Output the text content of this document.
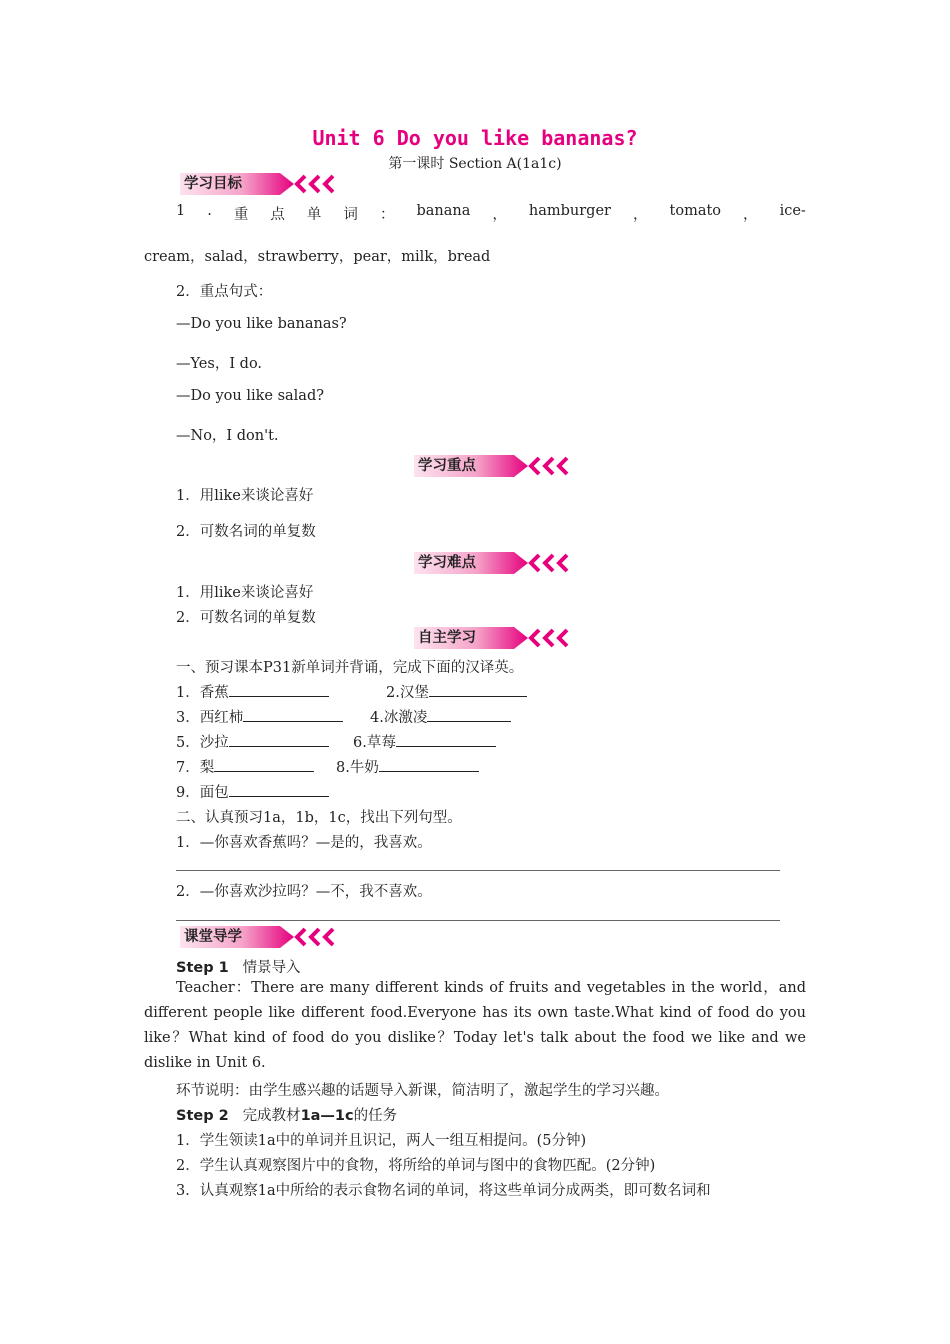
Unit 6 Do you like bananas?
第一课时 Section A(1a1c)
学习目标
1 . 重 点 单 词 ： banana ， hamburger ， tomato ， ice-
cream，salad，strawberry，pear，milk，bread
2．重点句式：
—Do you like bananas?
—Yes，I do.
—Do you like salad?
—No，I don't.
学习重点
1．用like来谈论喜好
2．可数名词的单复数
学习难点
1．用like来谈论喜好
2．可数名词的单复数
自主学习
一、预习课本P31新单词并背诵，完成下面的汉译英。
1．香蕉	2.汉堡
3．西红柿	4.冰激凌
5．沙拉	6.草莓
7．梨	8.牛奶
9．面包
二、认真预习1a，1b，1c，找出下列句型。
1．—你喜欢香蕉吗？—是的，我喜欢。
2．—你喜欢沙拉吗？—不，我不喜欢。
课堂导学
Step 1 情景导入
Teacher：There are many different kinds of fruits and vegetables in the world，and different people like different food.Everyone has its own taste.What kind of food do you like？What kind of food do you dislike？Today let's talk about the food we like and we dislike in Unit 6.
环节说明：由学生感兴趣的话题导入新课，简洁明了，激起学生的学习兴趣。
Step 2 完成教材1a—1c的任务
1．学生领读1a中的单词并且识记，两人一组互相提问。(5分钟)
2．学生认真观察图片中的食物，将所给的单词与图中的食物匹配。(2分钟)
3．认真观察1a中所给的表示食物名词的单词，将这些单词分成两类，即可数名词和
